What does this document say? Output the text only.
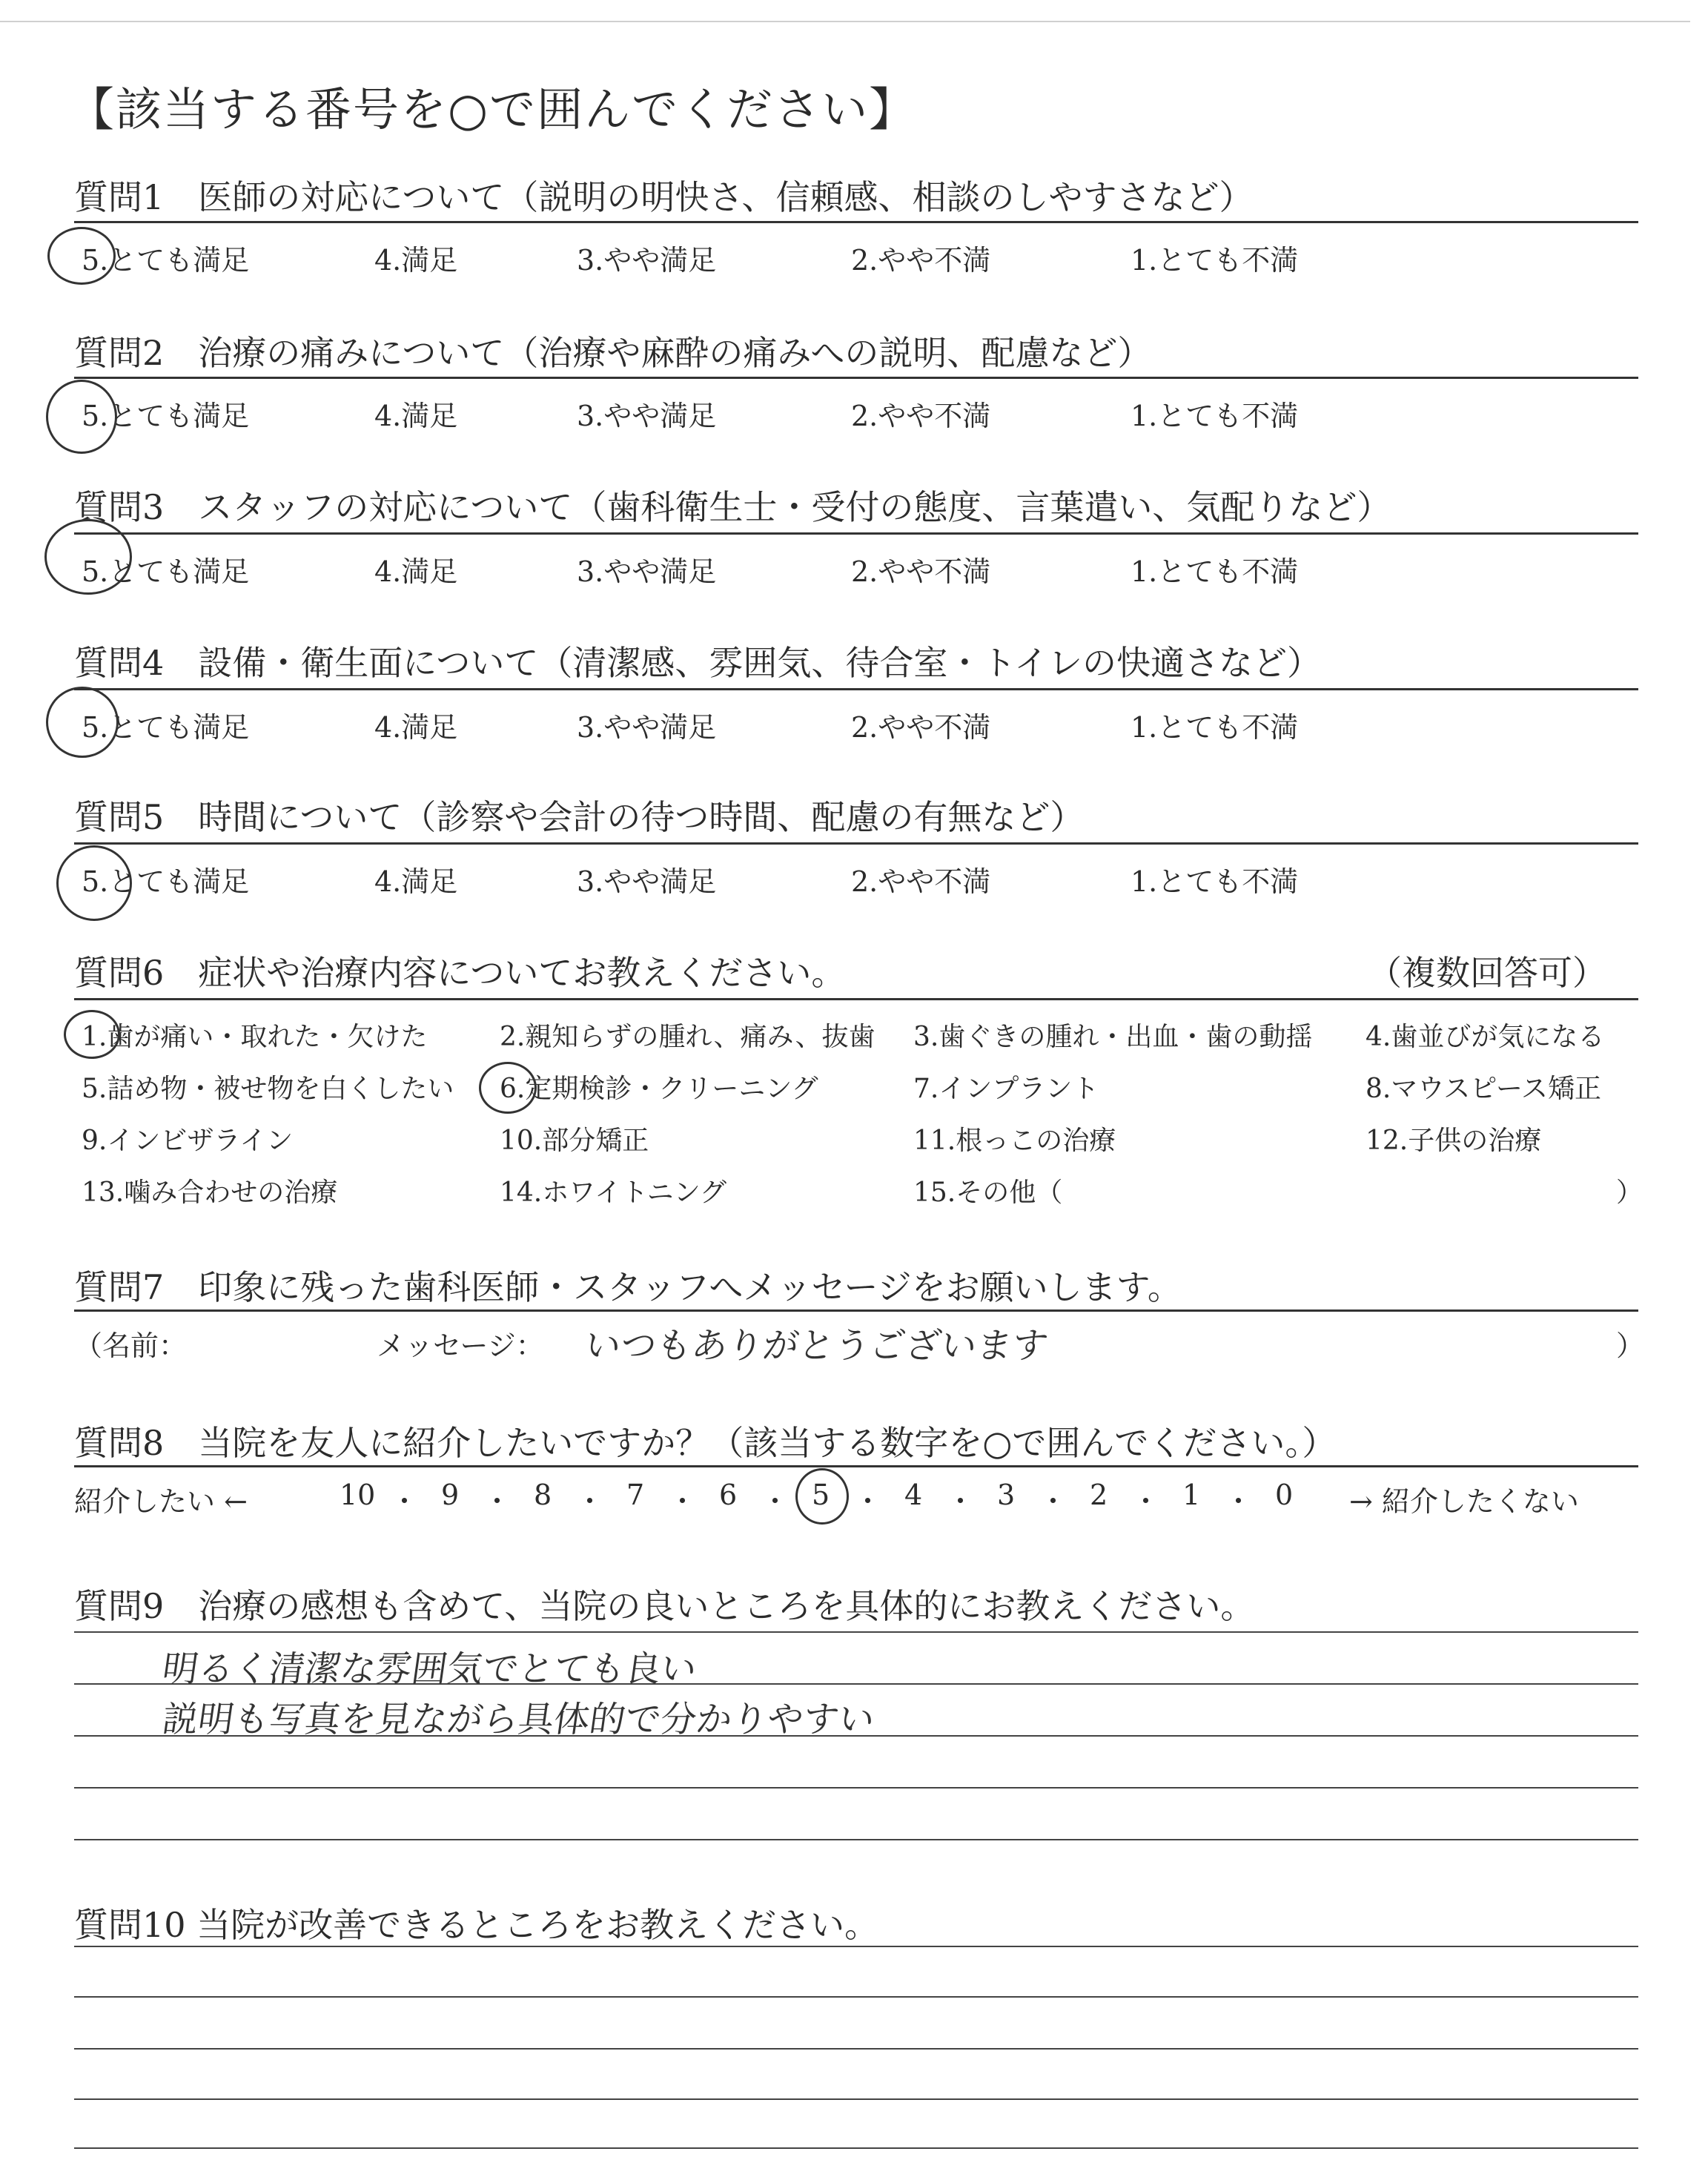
【該当する番号を○で囲んでください】
質問1　医師の対応について（説明の明快さ、信頼感、相談のしやすさなど）
質問2　治療の痛みについて（治療や麻酔の痛みへの説明、配慮など）
質問3　スタッフの対応について（歯科衛生士・受付の態度、言葉遣い、気配りなど）
質問4　設備・衛生面について（清潔感、雰囲気、待合室・トイレの快適さなど）
質問5　時間について（診察や会計の待つ時間、配慮の有無など）
5.とても満足	4.満足	3.やや満足	2.やや不満	1.とても不満
5.とても満足	4.満足	3.やや満足	2.やや不満	1.とても不満
5.とても満足	4.満足	3.やや満足	2.やや不満	1.とても不満
5.とても満足	4.満足	3.やや満足	2.やや不満	1.とても不満
5.とても満足	4.満足	3.やや満足	2.やや不満	1.とても不満
質問6　症状や治療内容についてお教えください。	（複数回答可）
1.歯が痛い・取れた・欠けた	2.親知らずの腫れ、痛み、抜歯 3.歯ぐきの腫れ・出血・歯の動揺 4.歯並びが気になる
5.詰め物・被せ物を白くしたい 6.定期検診・クリーニング	7.インプラント	8.マウスピース矯正
9.インビザライン	10.部分矯正	11.根っこの治療	12.子供の治療
13.噛み合わせの治療	14.ホワイトニング	15.その他（	）
質問7　印象に残った歯科医師・スタッフへメッセージをお願いします。
（名前：	メッセージ： いつもありがとうございます	）
質問8　当院を友人に紹介したいですか？（該当する数字を○で囲んでください。）
紹介したい ←	10 ・ 9 ・ 8 ・ 7 ・ 6 ・ 5 ・ 4 ・ 3 ・ 2 ・ 1 ・ 0 → 紹介したくない
質問9　治療の感想も含めて、当院の良いところを具体的にお教えください。
明るく清潔な雰囲気でとても良い
説明も写真を見ながら具体的で分かりやすい
質問10 当院が改善できるところをお教えください。
